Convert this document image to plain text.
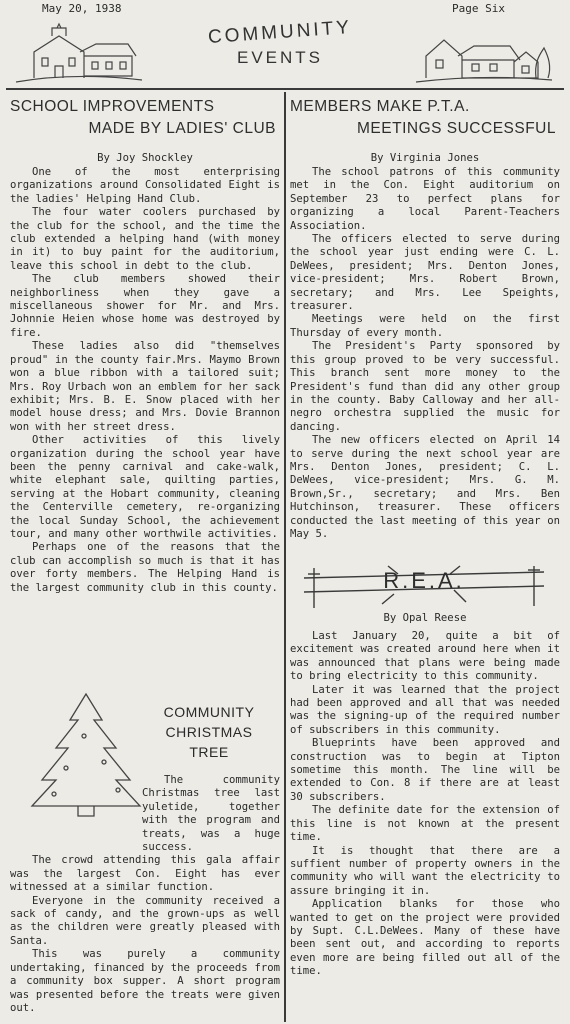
May 20, 1938	Page Six
COMMUNITY
EVENTS
SCHOOL IMPROVEMENTS
MADE BY LADIES' CLUB
By Joy Shockley

One of the most enterprising organizations around Consolidated Eight is the ladies' Helping Hand Club.

The four water coolers purchased by the club for the school, and the time the club extended a helping hand (with money in it) to buy paint for the auditorium, leave this school in debt to the club.

The club members showed their neighborliness when they gave a miscellaneous shower for Mr. and Mrs. Johnnie Heien whose home was destroyed by fire.

These ladies also did "themselves proud" in the county fair.Mrs. Maymo Brown won a blue ribbon with a tailored suit; Mrs. Roy Urbach won an emblem for her sack exhibit; Mrs. B. E. Snow placed with her model house dress; and Mrs. Dovie Brannon won with her street dress.

Other activities of this lively organization during the school year have been the penny carnival and cake-walk, white elephant sale, quilting parties, serving at the Hobart community, cleaning the Centerville cemetery, re-organizing the local Sunday School, the achievement tour, and many other worthwile activities.

Perhaps one of the reasons that the club can accomplish so much is that it has over forty members. The Helping Hand is the largest community club in this county.

COMMUNITY
CHRISTMAS
TREE

The community Christmas tree last yuletide, together with the program and treats, was a huge success.

The crowd attending this gala affair was the largest Con. Eight has ever witnessed at a similar function.

Everyone in the community received a sack of candy, and the grown-ups as well as the children were greatly pleased with Santa.

This was purely a community undertaking, financed by the proceeds from a community box supper. A short program was presented before the treats were given out.

MEMBERS MAKE P.T.A.
MEETINGS SUCCESSFUL
By Virginia Jones

The school patrons of this community met in the Con. Eight auditorium on September 23 to perfect plans for organizing a local Parent-Teachers Association.

The officers elected to serve during the school year just ending were C. L. DeWees, president; Mrs. Denton Jones, vice-president; Mrs. Robert Brown, secretary; and Mrs. Lee Speights, treasurer.

Meetings were held on the first Thursday of every month.

The President's Party sponsored by this group proved to be very successful. This branch sent more money to the President's fund than did any other group in the county. Baby Calloway and her all-negro orchestra supplied the music for dancing.

The new officers elected on April 14 to serve during the next school year are Mrs. Denton Jones, president; C. L. DeWees, vice-president; Mrs. G. M. Brown,Sr., secretary; and Mrs. Ben Hutchinson, treasurer. These officers conducted the last meeting of this year on May 5.

R.E.A.
By Opal Reese

Last January 20, quite a bit of excitement was created around here when it was announced that plans were being made to bring electricity to this community.

Later it was learned that the project had been approved and all that was needed was the signing-up of the required number of subscribers in this community.

Blueprints have been approved and construction was to begin at Tipton sometime this month. The line will be extended to Con. 8 if there are at least 30 subscribers.

The definite date for the extension of this line is not known at the present time.

It is thought that there are a suffient number of property owners in the community who will want the electricity to assure bringing it in.

Application blanks for those who wanted to get on the project were provided by Supt. C.L.DeWees. Many of these have been sent out, and according to reports even more are being filled out all of the time.
